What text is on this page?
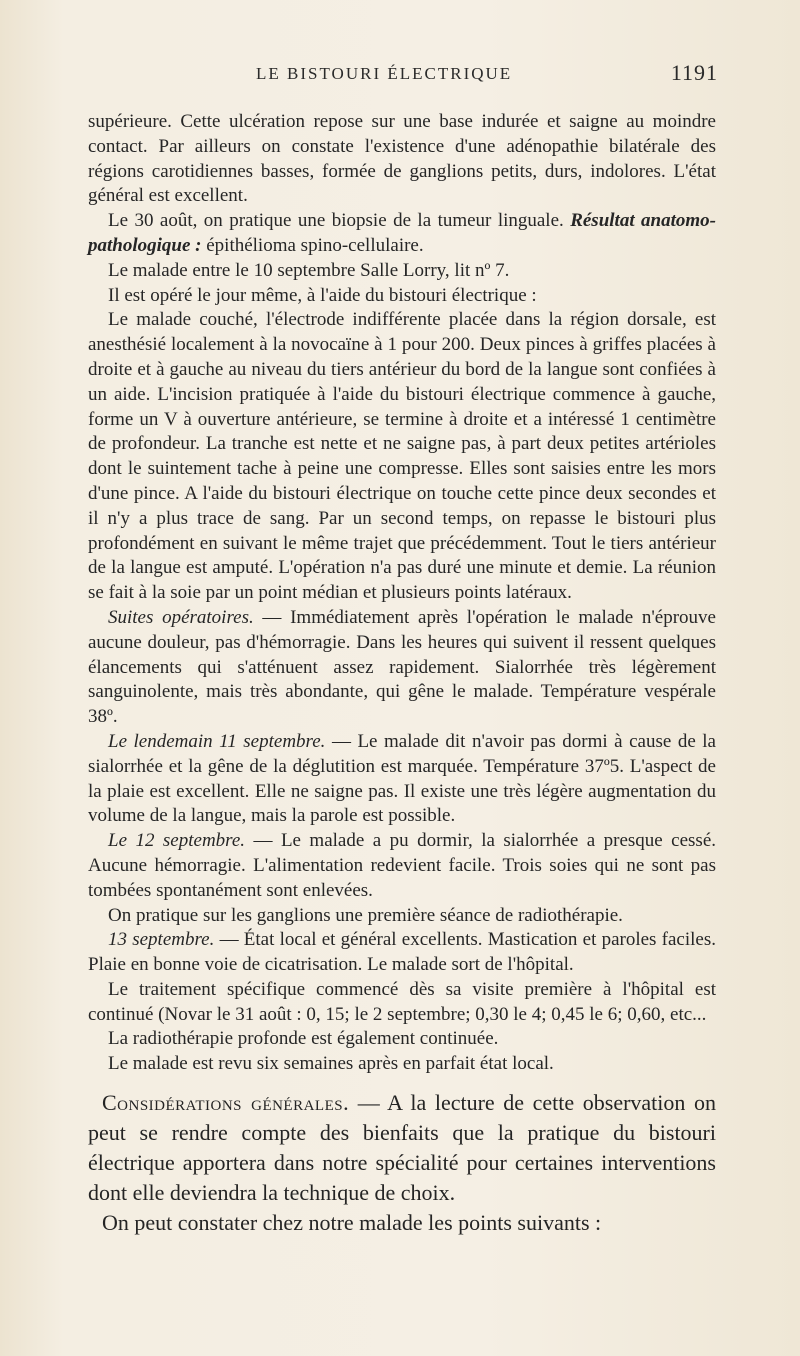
LE BISTOURI ÉLECTRIQUE	1191

supérieure. Cette ulcération repose sur une base indurée et saigne au moindre contact. Par ailleurs on constate l'existence d'une adénopathie bilatérale des régions carotidiennes basses, formée de ganglions petits, durs, indolores. L'état général est excellent.

Le 30 août, on pratique une biopsie de la tumeur linguale. Résultat anatomo-pathologique : épithélioma spino-cellulaire.

Le malade entre le 10 septembre Salle Lorry, lit nº 7.

Il est opéré le jour même, à l'aide du bistouri électrique :

Le malade couché, l'électrode indifférente placée dans la région dorsale, est anesthésié localement à la novocaïne à 1 pour 200. Deux pinces à griffes placées à droite et à gauche au niveau du tiers antérieur du bord de la langue sont confiées à un aide. L'incision pratiquée à l'aide du bistouri électrique commence à gauche, forme un V à ouverture antérieure, se termine à droite et a intéressé 1 centimètre de profondeur. La tranche est nette et ne saigne pas, à part deux petites artérioles dont le suintement tache à peine une compresse. Elles sont saisies entre les mors d'une pince. A l'aide du bistouri électrique on touche cette pince deux secondes et il n'y a plus trace de sang. Par un second temps, on repasse le bistouri plus profondément en suivant le même trajet que précédemment. Tout le tiers antérieur de la langue est amputé. L'opération n'a pas duré une minute et demie. La réunion se fait à la soie par un point médian et plusieurs points latéraux.

Suites opératoires. — Immédiatement après l'opération le malade n'éprouve aucune douleur, pas d'hémorragie. Dans les heures qui suivent il ressent quelques élancements qui s'atténuent assez rapidement. Sialorrhée très légèrement sanguinolente, mais très abondante, qui gêne le malade. Température vespérale 38º.

Le lendemain 11 septembre. — Le malade dit n'avoir pas dormi à cause de la sialorrhée et la gêne de la déglutition est marquée. Température 37º5. L'aspect de la plaie est excellent. Elle ne saigne pas. Il existe une très légère augmentation du volume de la langue, mais la parole est possible.

Le 12 septembre. — Le malade a pu dormir, la sialorrhée a presque cessé. Aucune hémorragie. L'alimentation redevient facile. Trois soies qui ne sont pas tombées spontanément sont enlevées.

On pratique sur les ganglions une première séance de radiothérapie.

13 septembre. — État local et général excellents. Mastication et paroles faciles. Plaie en bonne voie de cicatrisation. Le malade sort de l'hôpital.

Le traitement spécifique commencé dès sa visite première à l'hôpital est continué (Novar le 31 août : 0, 15; le 2 septembre; 0,30 le 4; 0,45 le 6; 0,60, etc...

La radiothérapie profonde est également continuée.

Le malade est revu six semaines après en parfait état local.

Considérations générales. — A la lecture de cette observation on peut se rendre compte des bienfaits que la pratique du bistouri électrique apportera dans notre spécialité pour certaines interventions dont elle deviendra la technique de choix.

On peut constater chez notre malade les points suivants :
